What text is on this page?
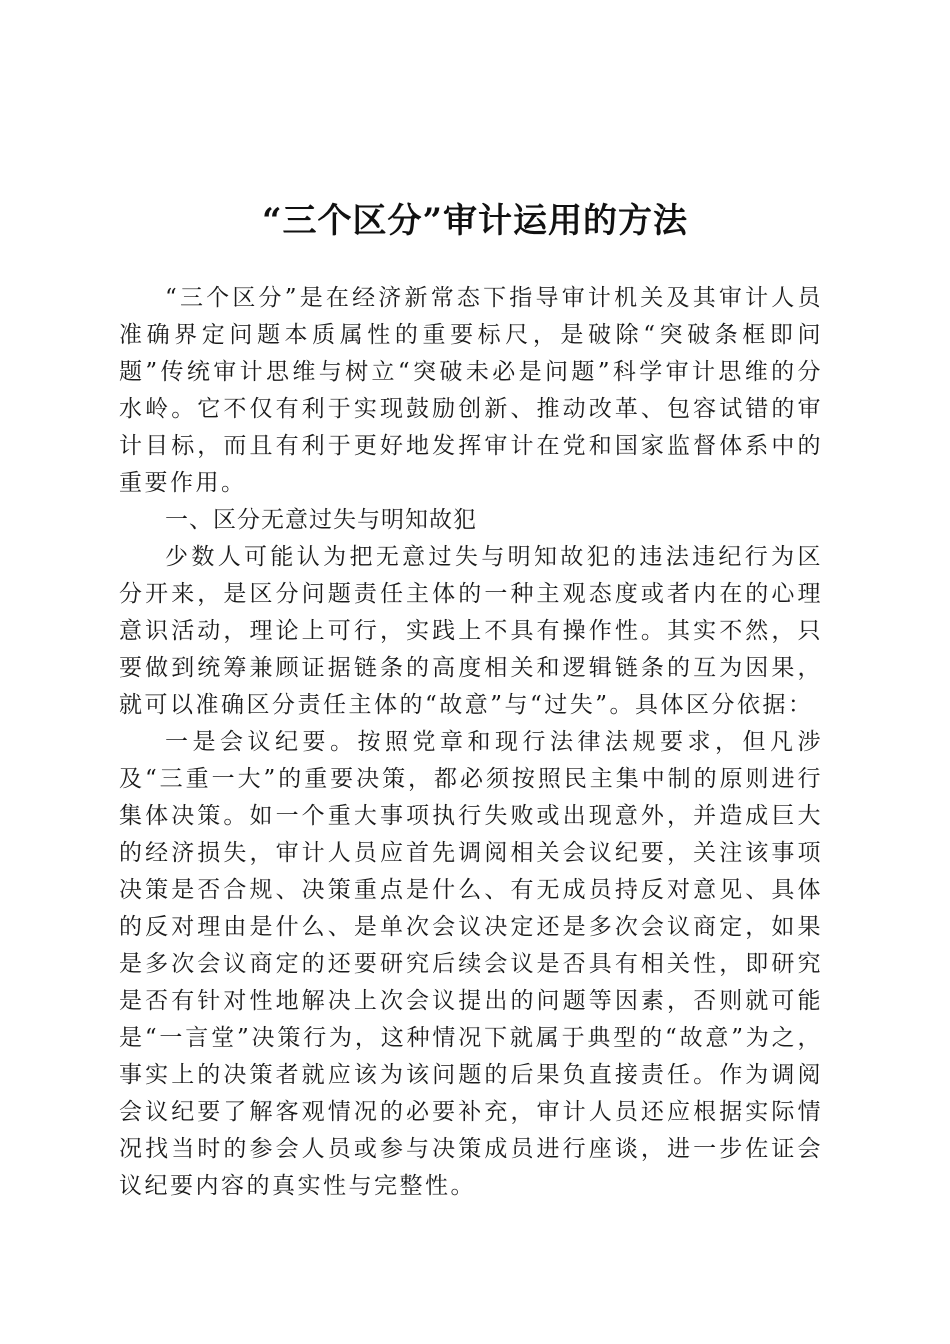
“三个区分”审计运用的方法

“三个区分”是在经济新常态下指导审计机关及其审计人员准确界定问题本质属性的重要标尺，是破除“突破条框即问题”传统审计思维与树立“突破未必是问题”科学审计思维的分水岭。它不仅有利于实现鼓励创新、推动改革、包容试错的审计目标，而且有利于更好地发挥审计在党和国家监督体系中的重要作用。

一、区分无意过失与明知故犯

少数人可能认为把无意过失与明知故犯的违法违纪行为区分开来，是区分问题责任主体的一种主观态度或者内在的心理意识活动，理论上可行，实践上不具有操作性。其实不然，只要做到统筹兼顾证据链条的高度相关和逻辑链条的互为因果，就可以准确区分责任主体的“故意”与“过失”。具体区分依据：

一是会议纪要。按照党章和现行法律法规要求，但凡涉及“三重一大”的重要决策，都必须按照民主集中制的原则进行集体决策。如一个重大事项执行失败或出现意外，并造成巨大的经济损失，审计人员应首先调阅相关会议纪要，关注该事项决策是否合规、决策重点是什么、有无成员持反对意见、具体的反对理由是什么、是单次会议决定还是多次会议商定，如果是多次会议商定的还要研究后续会议是否具有相关性，即研究是否有针对性地解决上次会议提出的问题等因素，否则就可能是“一言堂”决策行为，这种情况下就属于典型的“故意”为之，事实上的决策者就应该为该问题的后果负直接责任。作为调阅会议纪要了解客观情况的必要补充，审计人员还应根据实际情况找当时的参会人员或参与决策成员进行座谈，进一步佐证会议纪要内容的真实性与完整性。
